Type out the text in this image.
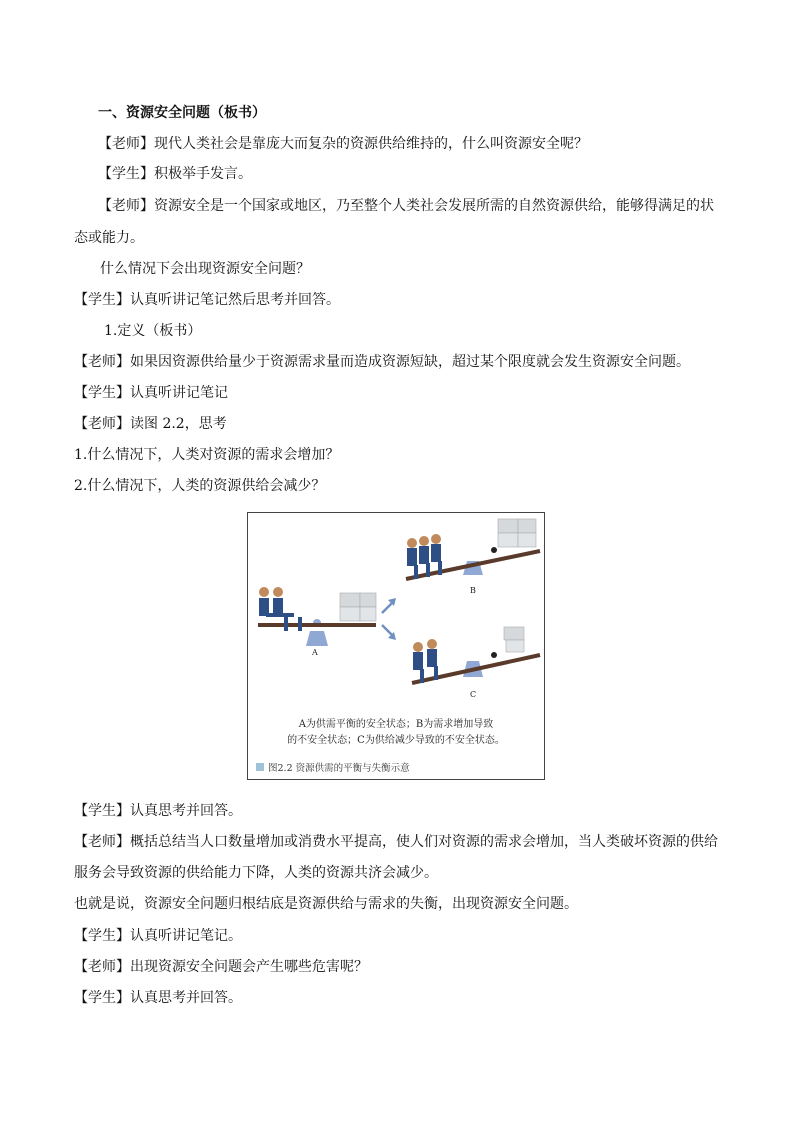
一、资源安全问题（板书）
【老师】现代人类社会是靠庞大而复杂的资源供给维持的，什么叫资源安全呢？
【学生】积极举手发言。
【老师】资源安全是一个国家或地区，乃至整个人类社会发展所需的自然资源供给，能够得满足的状
态或能力。
什么情况下会出现资源安全问题？
【学生】认真听讲记笔记然后思考并回答。
1.定义（板书）
【老师】如果因资源供给量少于资源需求量而造成资源短缺，超过某个限度就会发生资源安全问题。
【学生】认真听讲记笔记
【老师】读图 2.2，思考
1.什么情况下，人类对资源的需求会增加？
2.什么情况下，人类的资源供给会减少？
A
B
C
A为供需平衡的安全状态；B为需求增加导致
的不安全状态；C为供给减少导致的不安全状态。
图2.2 资源供需的平衡与失衡示意
【学生】认真思考并回答。
【老师】概括总结当人口数量增加或消费水平提高，使人们对资源的需求会增加，当人类破坏资源的供给
服务会导致资源的供给能力下降，人类的资源共济会减少。
也就是说，资源安全问题归根结底是资源供给与需求的失衡，出现资源安全问题。
【学生】认真听讲记笔记。
【老师】出现资源安全问题会产生哪些危害呢？
【学生】认真思考并回答。
